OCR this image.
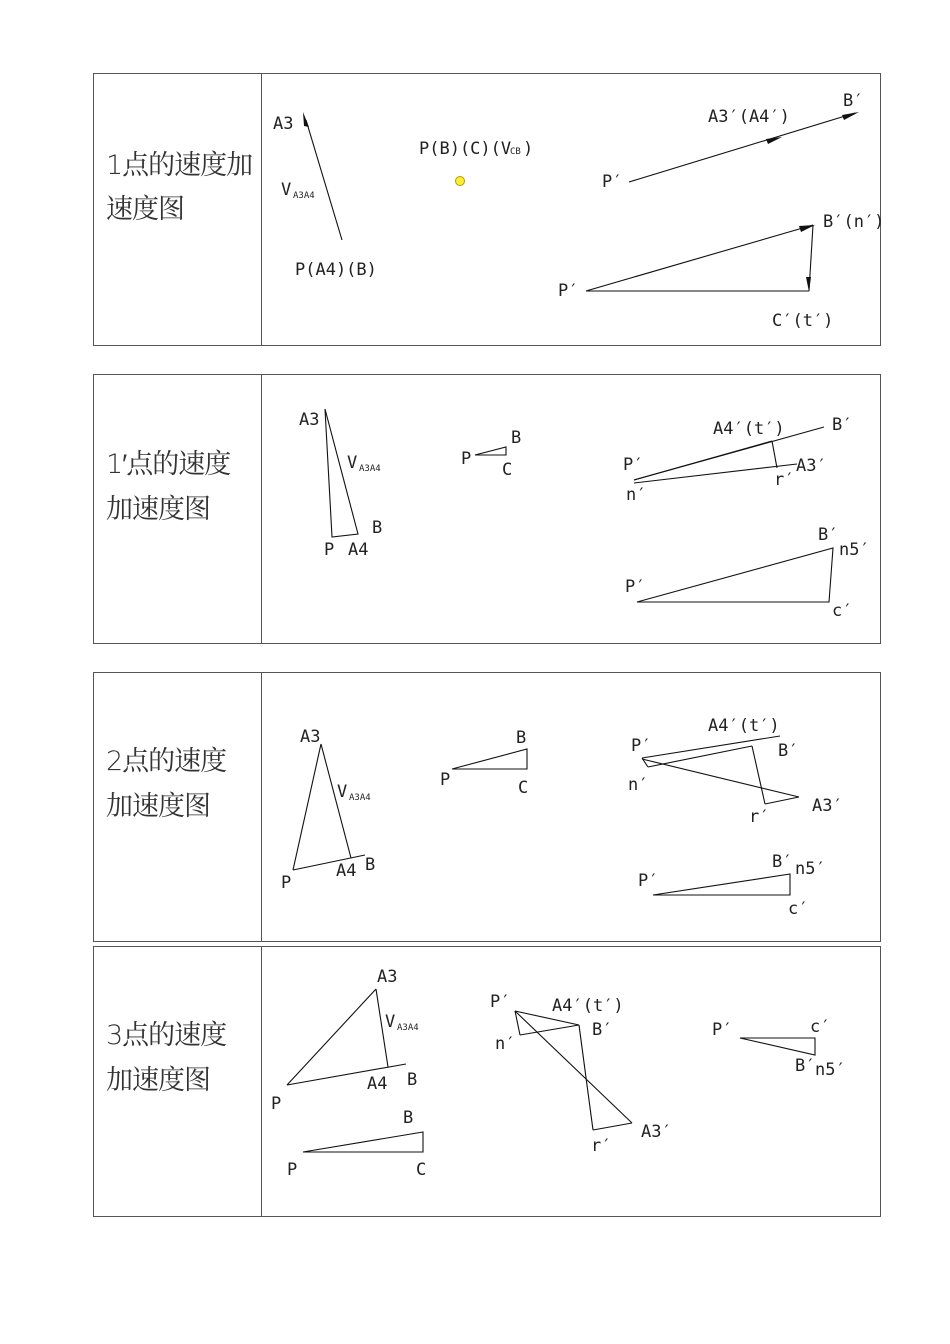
1点的速度加
速度图
A3
V A3A4
P(A4)(B)
P(B)(C)(V
CB )
P′
A3′(A4′)
B′
B′(n′)
P′
C′(t′)
1′点的速度
加速度图
A3
V A3A4
P A4
B
P
B
C
A4′(t′)	B′
P′
n′
r′
A3′
B′
n5′
P′
c′
2点的速度
加速度图
A3
V A3A4
P
A4 B
B
P	C
A4′(t′)
P′	B′
n′
r′
A3′
B′ n5′
P′
c′
3点的速度
加速度图
A3
V A3A4
A4 B
P
B
P	C
P′ A4′(t′)
B′
n′
r′
A3′
P′	c′
B′ n5′
